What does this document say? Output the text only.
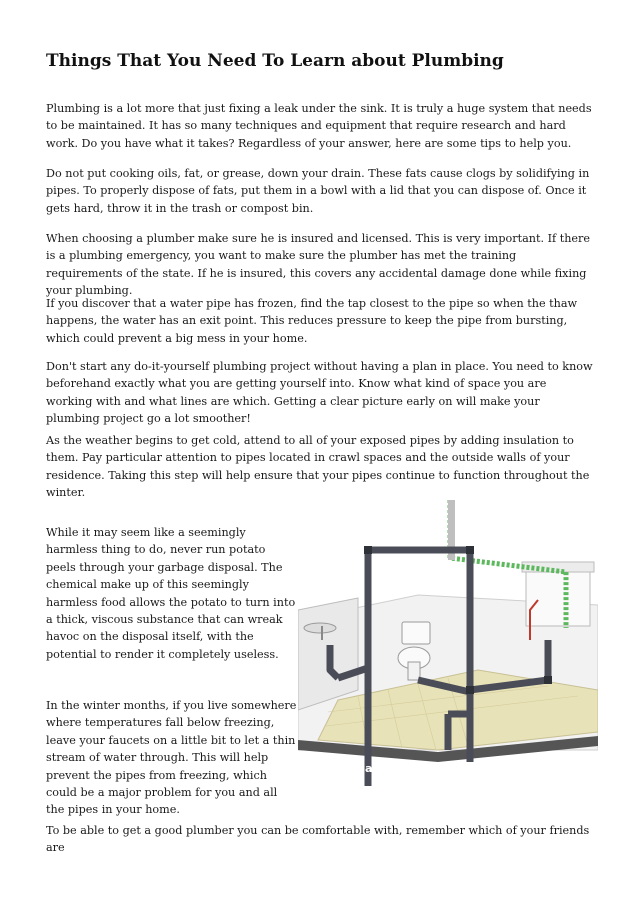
Things That You Need To Learn about Plumbing

Plumbing is a lot more that just fixing a leak under the sink. It is truly a huge system that needs to be maintained. It has so many techniques and equipment that require research and hard work. Do you have what it takes? Regardless of your answer, here are some tips to help you.

Do not put cooking oils, fat, or grease, down your drain. These fats cause clogs by solidifying in pipes. To properly dispose of fats, put them in a bowl with a lid that you can dispose of. Once it gets hard, throw it in the trash or compost bin.

When choosing a plumber make sure he is insured and licensed. This is very important. If there is a plumbing emergency, you want to make sure the plumber has met the training requirements of the state. If he is insured, this covers any accidental damage done while fixing your plumbing.

If you discover that a water pipe has frozen, find the tap closest to the pipe so when the thaw happens, the water has an exit point. This reduces pressure to keep the pipe from bursting, which could prevent a big mess in your home.

Don't start any do-it-yourself plumbing project without having a plan in place. You need to know beforehand exactly what you are getting yourself into. Know what kind of space you are working with and what lines are which. Getting a clear picture early on will make your plumbing project go a lot smoother!

As the weather begins to get cold, attend to all of your exposed pipes by adding insulation to them. Pay particular attention to pipes located in crawl spaces and the outside walls of your residence. Taking this step will help ensure that your pipes continue to function throughout the winter.

While it may seem like a seemingly harmless thing to do, never run potato peels through your garbage disposal. The chemical make up of this seemingly harmless food allows the potato to turn into a thick, viscous substance that can wreak havoc on the disposal itself, with the potential to render it completely useless.

In the winter months, if you live somewhere where temperatures fall below freezing, leave your faucets on a little bit to let a thin stream of water through. This will help prevent the pipes from freezing, which could be a major problem for you and all the pipes in your home.

To be able to get a good plumber you can be comfortable with, remember which of your friends are

Handyman
